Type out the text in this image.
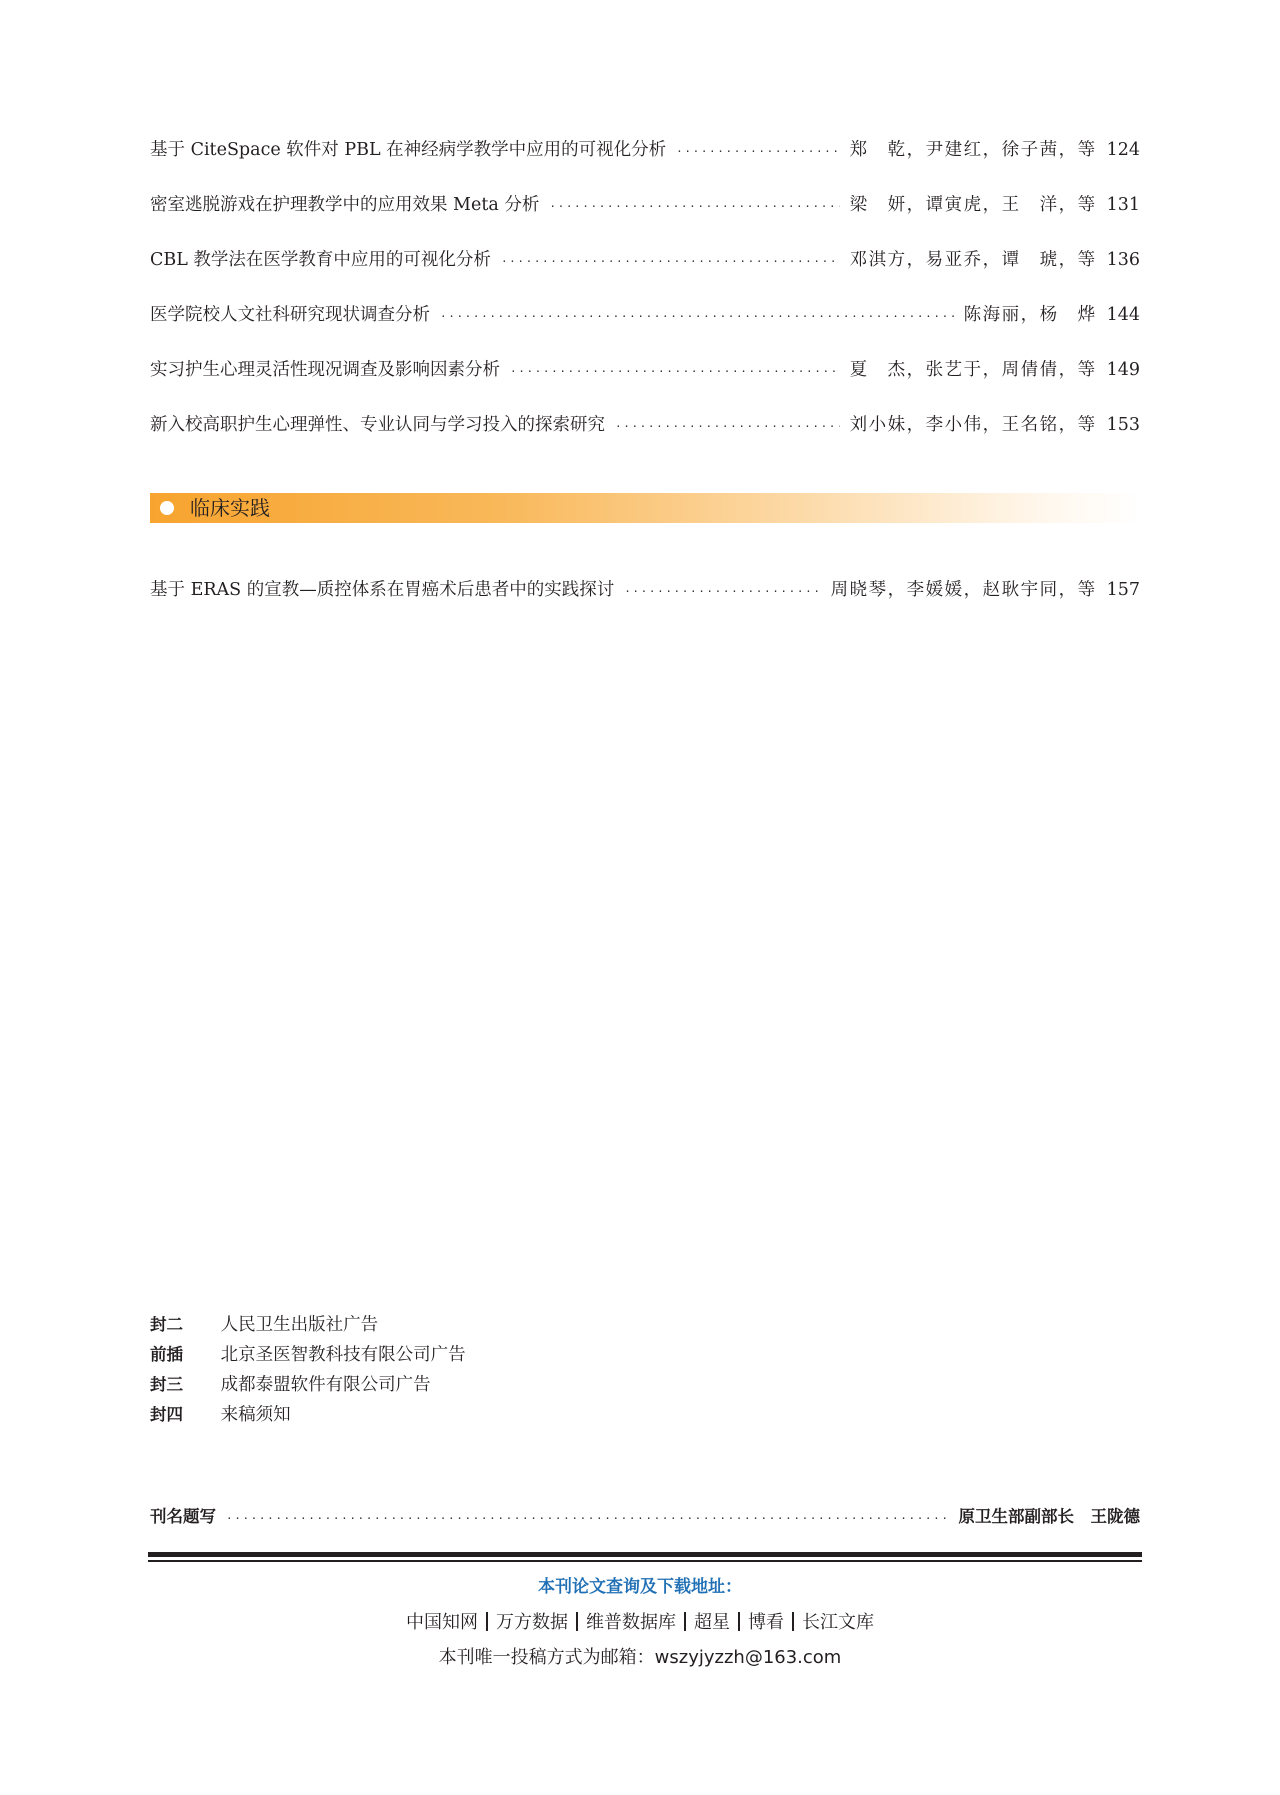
基于 CiteSpace 软件对 PBL 在神经病学教学中应用的可视化分析 ·····	郑　乾，尹建红，徐子茜，等 124
密室逃脱游戏在护理教学中的应用效果 Meta 分析 ·····	梁　妍，谭寅虎，王　洋，等 131
CBL 教学法在医学教育中应用的可视化分析 ·····	邓淇方，易亚乔，谭　琥，等 136
医学院校人文社科研究现状调查分析 ·····	陈海丽，杨　烨 144
实习护生心理灵活性现况调查及影响因素分析 ·····	夏　杰，张艺于，周倩倩，等 149
新入校高职护生心理弹性、专业认同与学习投入的探索研究 ·····	刘小妹，李小伟，王名铭，等 153
临床实践
基于 ERAS 的宣教—质控体系在胃癌术后患者中的实践探讨 ·····	周晓琴，李媛媛，赵耿宇同，等 157
封二 人民卫生出版社广告
前插 北京圣医智教科技有限公司广告
封三 成都泰盟软件有限公司广告
封四 来稿须知
刊名题写 ·····	原卫生部副部长　王陇德
本刊论文查询及下载地址：
中国知网 万方数据 维普数据库 超星 博看 长江文库
本刊唯一投稿方式为邮箱：wszyjyzzh@163.com
